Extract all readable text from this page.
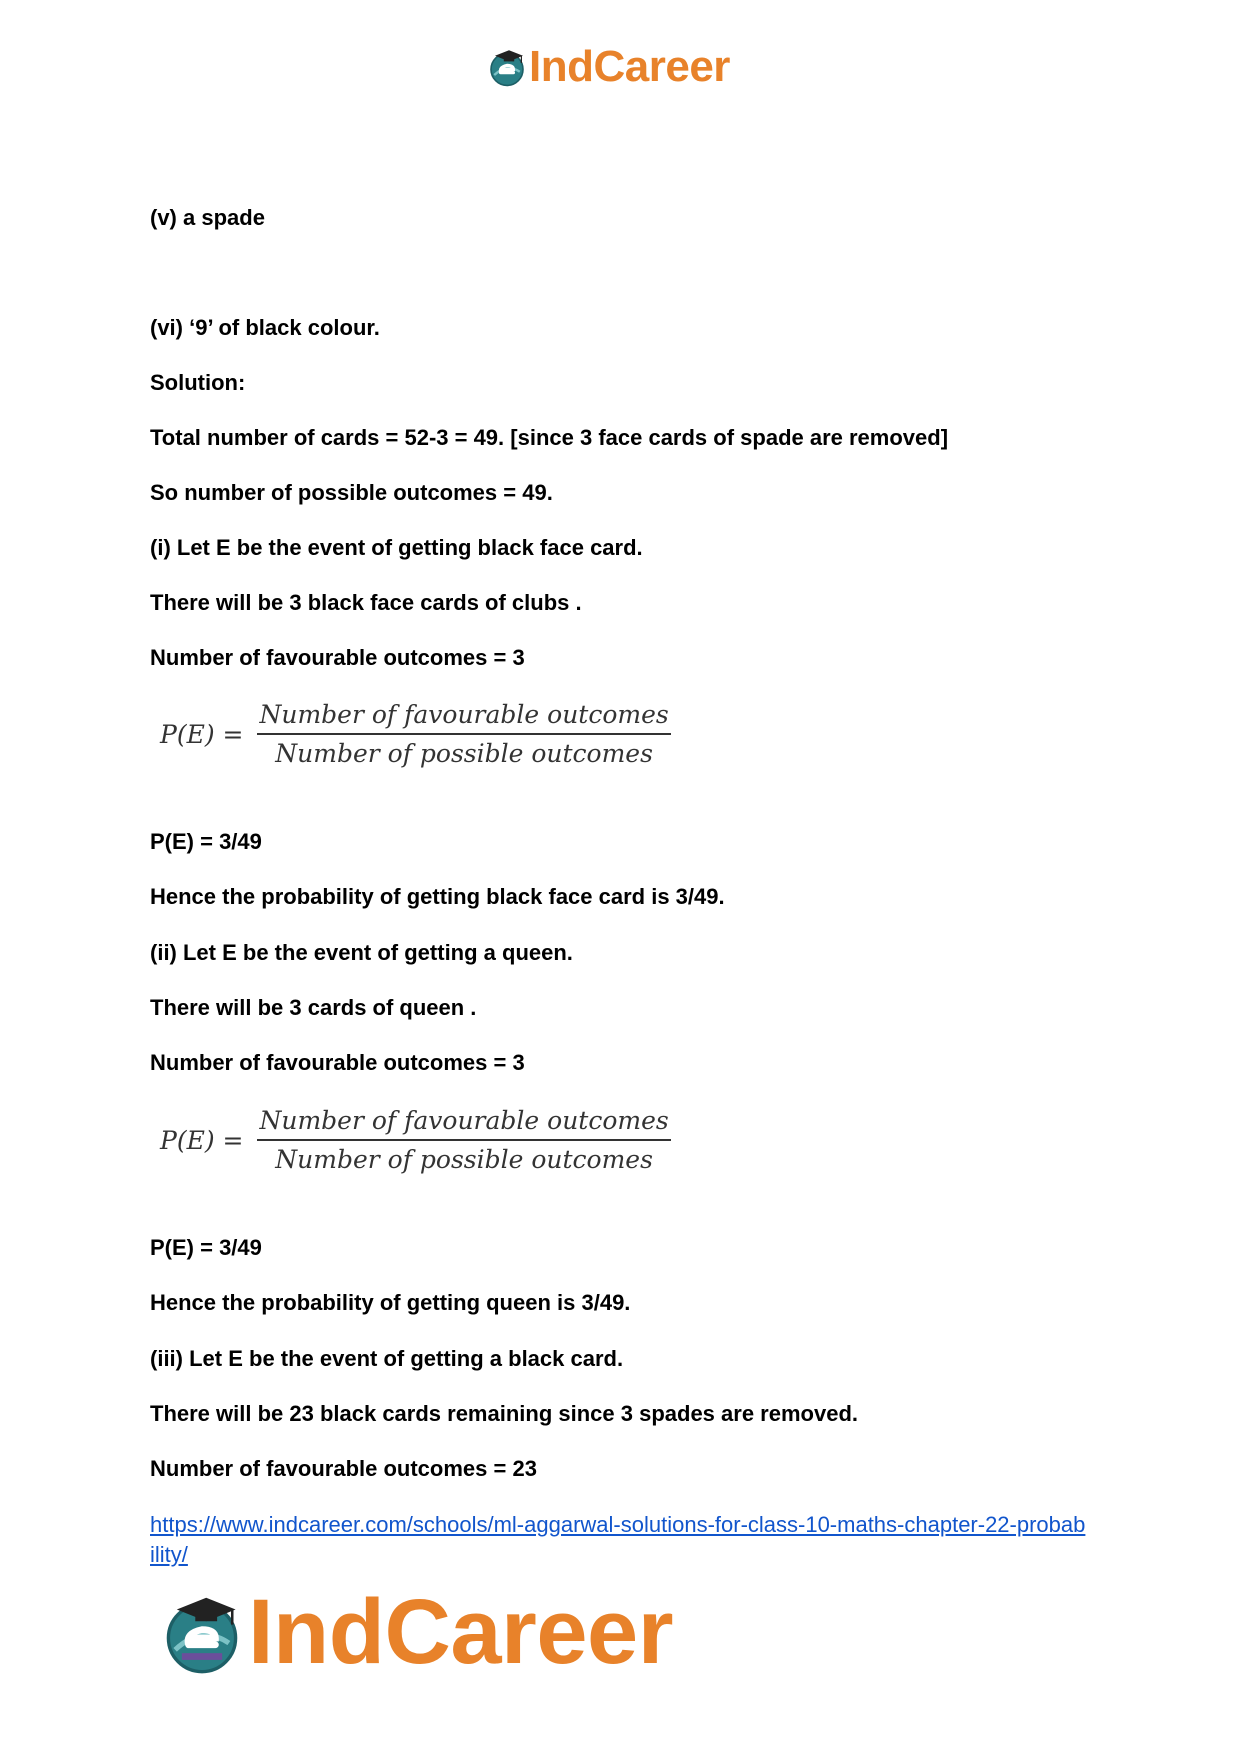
IndCareer
(v) a spade
(vi) ‘9’ of black colour.
Solution:
Total number of cards = 52-3 = 49. [since 3 face cards of spade are removed]
So number of possible outcomes = 49.
(i) Let E be the event of getting black face card.
There will be 3 black face cards of clubs .
Number of favourable outcomes = 3
$P(E) = \frac{\text{Number of favourable outcomes}}{\text{Number of possible outcomes}}$
P(E) = 3/49
Hence the probability of getting black face card is 3/49.
(ii) Let E be the event of getting a queen.
There will be 3 cards of queen .
Number of favourable outcomes = 3
$P(E) = \frac{\text{Number of favourable outcomes}}{\text{Number of possible outcomes}}$
P(E) = 3/49
Hence the probability of getting queen is 3/49.
(iii) Let E be the event of getting a black card.
There will be 23 black cards remaining since 3 spades are removed.
Number of favourable outcomes = 23
https://www.indcareer.com/schools/ml-aggarwal-solutions-for-class-10-maths-chapter-22-probability/
IndCareer
